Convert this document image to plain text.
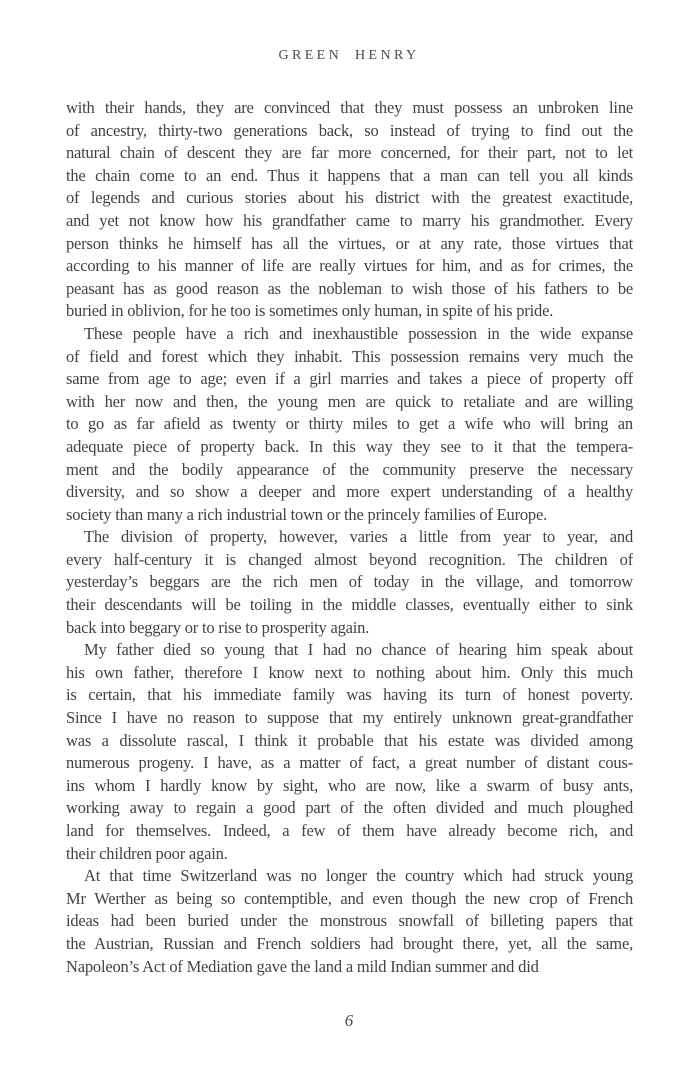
GREEN HENRY
with their hands, they are convinced that they must possess an unbroken line
of ancestry, thirty-two generations back, so instead of trying to find out the
natural chain of descent they are far more concerned, for their part, not to let
the chain come to an end. Thus it happens that a man can tell you all kinds
of legends and curious stories about his district with the greatest exactitude,
and yet not know how his grandfather came to marry his grandmother. Every
person thinks he himself has all the virtues, or at any rate, those virtues that
according to his manner of life are really virtues for him, and as for crimes, the
peasant has as good reason as the nobleman to wish those of his fathers to be
buried in oblivion, for he too is sometimes only human, in spite of his pride.
These people have a rich and inexhaustible possession in the wide expanse
of field and forest which they inhabit. This possession remains very much the
same from age to age; even if a girl marries and takes a piece of property off
with her now and then, the young men are quick to retaliate and are willing
to go as far afield as twenty or thirty miles to get a wife who will bring an
adequate piece of property back. In this way they see to it that the tempera-
ment and the bodily appearance of the community preserve the necessary
diversity, and so show a deeper and more expert understanding of a healthy
society than many a rich industrial town or the princely families of Europe.
The division of property, however, varies a little from year to year, and
every half-century it is changed almost beyond recognition. The children of
yesterday’s beggars are the rich men of today in the village, and tomorrow
their descendants will be toiling in the middle classes, eventually either to sink
back into beggary or to rise to prosperity again.
My father died so young that I had no chance of hearing him speak about
his own father, therefore I know next to nothing about him. Only this much
is certain, that his immediate family was having its turn of honest poverty.
Since I have no reason to suppose that my entirely unknown great-grandfather
was a dissolute rascal, I think it probable that his estate was divided among
numerous progeny. I have, as a matter of fact, a great number of distant cous-
ins whom I hardly know by sight, who are now, like a swarm of busy ants,
working away to regain a good part of the often divided and much ploughed
land for themselves. Indeed, a few of them have already become rich, and
their children poor again.
At that time Switzerland was no longer the country which had struck young
Mr Werther as being so contemptible, and even though the new crop of French
ideas had been buried under the monstrous snowfall of billeting papers that
the Austrian, Russian and French soldiers had brought there, yet, all the same,
Napoleon’s Act of Mediation gave the land a mild Indian summer and did
6
